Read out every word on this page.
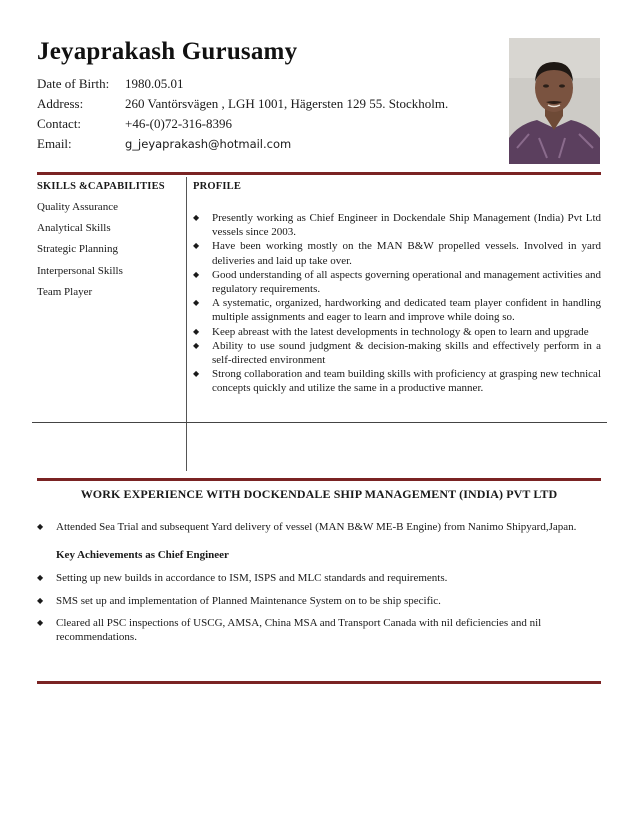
Jeyaprakash Gurusamy
Date of Birth:	1980.05.01
Address:	260 Vantörsvägen , LGH 1001, Hägersten 129 55. Stockholm.
Contact:	+46-(0)72-316-8396
Email:	g_jeyaprakash@hotmail.com
SKILLS &CAPABILITIES
Quality Assurance
Analytical Skills
Strategic Planning
Interpersonal Skills
Team Player
PROFILE
◆ Presently working as Chief Engineer in Dockendale Ship Management (India) Pvt Ltd vessels since 2003.
◆ Have been working mostly on the MAN B&W propelled vessels. Involved in yard deliveries and laid up take over.
◆ Good understanding of all aspects governing operational and management activities and regulatory requirements.
◆ A systematic, organized, hardworking and dedicated team player confident in handling multiple assignments and eager to learn and improve while doing so.
◆ Keep abreast with the latest developments in technology & open to learn and upgrade
◆ Ability to use sound judgment & decision-making skills and effectively perform in a self-directed environment
◆ Strong collaboration and team building skills with proficiency at grasping new technical concepts quickly and utilize the same in a productive manner.
WORK EXPERIENCE WITH DOCKENDALE SHIP MANAGEMENT (INDIA) PVT LTD
◆ Attended Sea Trial and subsequent Yard delivery of vessel (MAN B&W ME-B Engine) from Nanimo Shipyard,Japan.
Key Achievements as Chief Engineer
◆ Setting up new builds in accordance to ISM, ISPS and MLC standards and requirements.
◆ SMS set up and implementation of Planned Maintenance System on to be ship specific.
◆ Cleared all PSC inspections of USCG, AMSA, China MSA and Transport Canada with nil deficiencies and nil recommendations.
